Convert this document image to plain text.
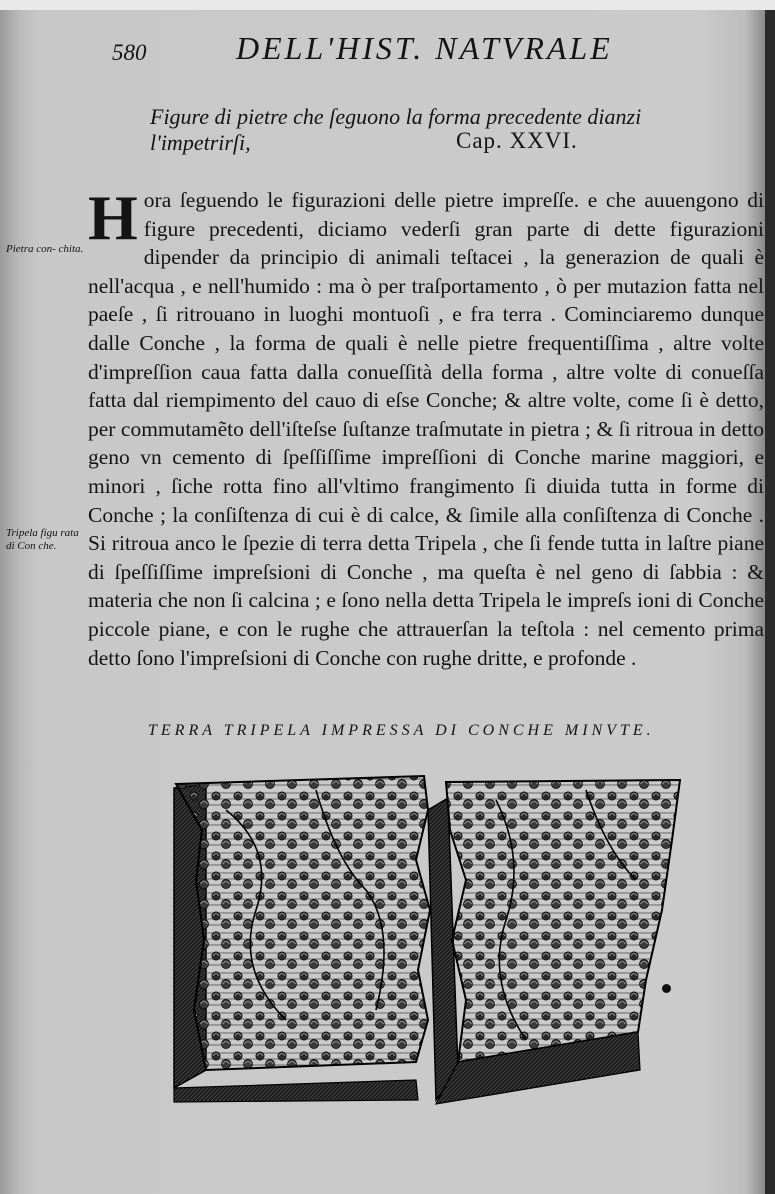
580	DELL'HIST. NATVRALE
Figure di pietre che ſeguono la forma precedente dianzi
l'impetrirſi,	Cap. XXVI.
Pietra con- chita.
Tripela figu rata di Con che.
H ora ſeguendo le figurazioni delle pietre impreſſe. e che auuengono di figure precedenti, diciamo vederſi gran parte di dette figurazioni dipender da principio di animali teſtacei , la generazion de quali è nell'acqua , e nell'humido : ma ò per traſportamento , ò per mutazion fatta nel paeſe , ſi ritrouano in luoghi montuoſi , e fra terra . Cominciaremo dunque dalle Conche , la forma de quali è nelle pietre frequentiſſima , altre volte d'impreſſion caua fatta dalla conueſſità della forma , altre volte di conueſſa fatta dal riempimento del cauo di eſse Conche; & altre volte, come ſi è detto, per commutamẽto dell'iſteſse ſuſtanze traſmutate in pietra ; & ſi ritroua in detto geno vn cemento di ſpeſſiſſime impreſſioni di Conche marine maggiori, e minori , ſiche rotta fino all'vltimo frangimento ſi diuida tutta in forme di Conche ; la conſiſtenza di cui è di calce, & ſimile alla conſiſtenza di Conche . Si ritroua anco le ſpezie di terra detta Tripela , che ſi fende tutta in laſtre piane di ſpeſſiſſime impreſsioni di Conche , ma queſta è nel geno di ſabbia : & materia che non ſi calcina ; e ſono nella detta Tripela le impreſs ioni di Conche piccole piane, e con le rughe che attrauerſan la teſtola : nel cemento prima detto ſono l'impreſsioni di Conche con rughe dritte, e profonde .
TERRA TRIPELA IMPRESSA DI CONCHE MINVTE.
